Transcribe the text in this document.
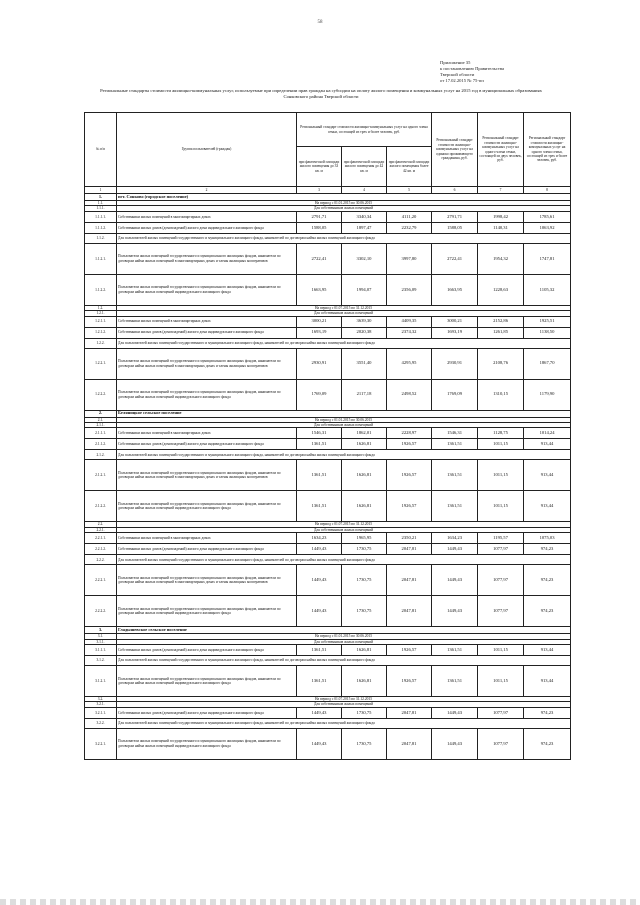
58
Приложение 35
к постановлению Правительства
Тверской области
от 17.02.2015 № 75-пп
Региональные стандарты стоимости жилищно-коммунальных услуг, используемые при определении прав граждан на субсидии на оплату жилого помещения и коммунальных услуг на 2015 год в муниципальных образованиях Сонковского района Тверской области
№ п/п	Группа пользователей (граждан)	Региональный стандарт стоимости жилищно-коммунальных услуг на одного члена семьи, состоящей из трех и более человек, руб.			Региональный стандарт стоимости жилищно-коммунальных услуг на одиноко проживающего гражданина, руб.	Региональный стандарт стоимости жилищно-коммунальных услуг на одного члена семьи, состоящей из двух человек, руб.	Региональный стандарт стоимости жилищно-коммунальных услуг на одного члена семьи, состоящей из трех и более человек, руб.
		при фактической площади жилого помещения до 33 кв. м	при фактической площади жилого помещения до 42 кв. м	при фактической площади жилого помещения более 42 кв. м			
1	2	3	4	5	6	7	8
1.	пгт. Сонково (городское поселение)						
1.1.	На период с 01.01.2015 по 30.06.2015						
1.1.1.	Для собственников жилых помещений						
1.1.1.1.	Собственники жилых помещений в многоквартирных домах	2791,71	3340,34	4111,20	2791,71	1998,42	1785,61
1.1.1.2.	Собственники жилых домов (домовладений) жилого дома индивидуального жилищного фонда	1588,05	1897,47	2232,79	1588,05	1140,31	1063,92
1.1.2.	Для пользователей жилых помещений государственного и муниципального жилищного фонда, нанимателей по договорам найма жилых помещений жилищного фонда						
1.1.2.1.	Пользователи жилых помещений государственного и муниципального жилищных фондов, наниматели по договорам найма жилых помещений в многоквартирных домах и члены жилищных кооперативов	2722,41	3302,10	3997,80	2722,41	1954,32	1747,81
1.1.2.2.	Пользователи жилых помещений государственного и муниципального жилищных фондов, наниматели по договорам найма жилых помещений индивидуального жилищного фонда	1663,95	1994,07	2356,09	1663,95	1228,63	1105,32
1.2.	На период с 01.07.2015 по 31.12.2015						
1.2.1.	Для собственников жилых помещений						
1.2.1.1.	Собственники жилых помещений в многоквартирных домах	3000,21	3639,30	4409,35	3000,21	2152,86	1925,51
1.2.1.2.	Собственники жилых домов (домовладений) жилого дома индивидуального жилищного фонда	1693,19	2020,38	2374,32	1693,19	1261,85	1138,50
1.2.2.	Для пользователей жилых помещений государственного и муниципального жилищного фонда, нанимателей по договорам найма жилых помещений жилищного фонда						
1.2.2.1.	Пользователи жилых помещений государственного и муниципального жилищных фондов, наниматели по договорам найма жилых помещений в многоквартирных домах и члены жилищных кооперативов	2930,91	3551,40	4295,95	2930,91	2108,76	1867,70
1.2.2.2.	Пользователи жилых помещений государственного и муниципального жилищных фондов, наниматели по договорам найма жилых помещений индивидуального жилищного фонда	1769,09	2117,18	2498,52	1769,09	1310,15	1179,90
2.	Беляницкое сельское поселение						
2.1.	На период с 01.01.2015 по 30.06.2015						
2.1.1.	Для собственников жилых помещений						
2.1.1.1.	Собственники жилых помещений в многоквартирных домах	1546,31	1862,01	2228,97	1546,31	1128,75	1014,24
2.1.1.2.	Собственники жилых домов (домовладений) жилого дома индивидуального жилищного фонда	1361,51	1626,81	1926,57	1361,51	1011,15	913,44
2.1.2.	Для пользователей жилых помещений государственного и муниципального жилищного фонда, нанимателей по договорам найма жилых помещений жилищного фонда						
2.1.2.1.	Пользователи жилых помещений государственного и муниципального жилищных фондов, наниматели по договорам найма жилых помещений в многоквартирных домах и члены жилищных кооперативов	1361,51	1626,81	1926,57	1361,51	1011,15	913,44
2.1.2.2.	Пользователи жилых помещений государственного и муниципального жилищных фондов, наниматели по договорам найма жилых помещений индивидуального жилищного фонда	1361,51	1626,81	1926,57	1361,51	1011,15	913,44
2.2.	На период с 01.07.2015 по 31.12.2015						
2.2.1.	Для собственников жилых помещений						
2.2.1.1.	Собственники жилых помещений в многоквартирных домах	1634,23	1965,95	2350,21	1634,23	1195,57	1075,03
2.2.1.2.	Собственники жилых домов (домовладений) жилого дома индивидуального жилищного фонда	1449,43	1730,75	2047,81	1449,43	1077,97	974,23
2.2.2.	Для пользователей жилых помещений государственного и муниципального жилищного фонда, нанимателей по договорам найма жилых помещений жилищного фонда						
2.2.2.1.	Пользователи жилых помещений государственного и муниципального жилищных фондов, наниматели по договорам найма жилых помещений в многоквартирных домах и члены жилищных кооперативов	1449,43	1730,75	2047,81	1449,43	1077,97	974,23
2.2.2.2.	Пользователи жилых помещений государственного и муниципального жилищных фондов, наниматели по договорам найма жилых помещений индивидуального жилищного фонда	1449,43	1730,75	2047,81	1449,43	1077,97	974,23
3.	Гладышевское сельское поселение						
3.1.	На период с 01.01.2015 по 30.06.2015						
3.1.1.	Для собственников жилых помещений						
3.1.1.1.	Собственники жилых домов (домовладений) жилого дома индивидуального жилищного фонда	1361,51	1626,81	1926,57	1361,51	1011,15	913,44
3.1.2.	Для пользователей жилых помещений государственного и муниципального жилищного фонда, нанимателей по договорам найма жилых помещений жилищного фонда						
3.1.2.1.	Пользователи жилых помещений государственного и муниципального жилищных фондов, наниматели по договорам найма жилых помещений индивидуального жилищного фонда	1361,51	1626,81	1926,57	1361,51	1011,15	913,44
3.2.	На период с 01.07.2015 по 31.12.2015						
3.2.1.	Для собственников жилых помещений						
3.2.1.1.	Собственники жилых домов (домовладений) жилого дома индивидуального жилищного фонда	1449,43	1730,75	2047,81	1449,43	1077,97	974,23
3.2.2.	Для пользователей жилых помещений государственного и муниципального жилищного фонда, нанимателей по договорам найма жилых помещений жилищного фонда						
3.2.2.1.	Пользователи жилых помещений государственного и муниципального жилищных фондов, наниматели по договорам найма жилых помещений индивидуального жилищного фонда	1449,43	1730,75	2047,81	1449,43	1077,97	974,23
